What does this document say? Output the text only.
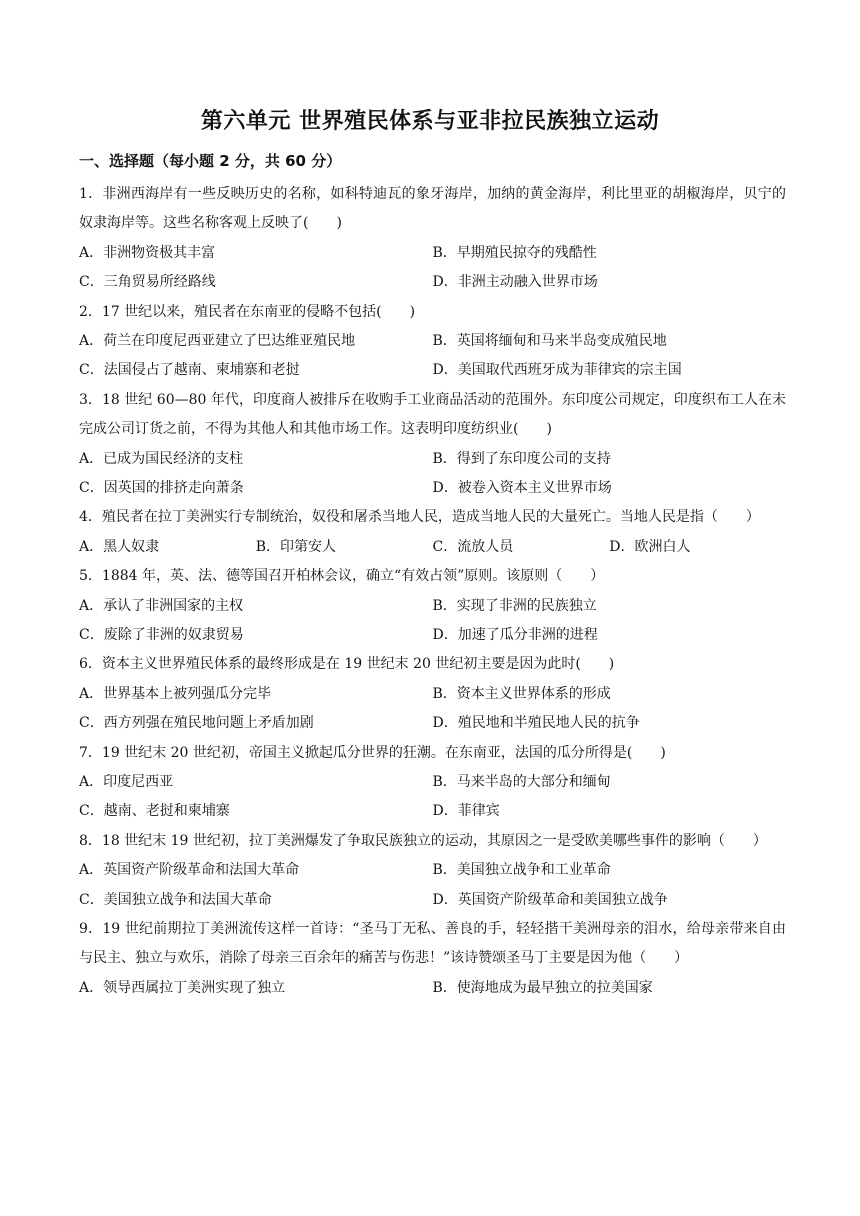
第六单元 世界殖民体系与亚非拉民族独立运动
一、选择题（每小题 2 分，共 60 分）

1．非洲西海岸有一些反映历史的名称，如科特迪瓦的象牙海岸，加纳的黄金海岸，利比里亚的胡椒海岸，贝宁的奴隶海岸等。这些名称客观上反映了(　　)

A．非洲物资极其丰富	B．早期殖民掠夺的残酷性
C．三角贸易所经路线	D．非洲主动融入世界市场

2．17 世纪以来，殖民者在东南亚的侵略不包括(　　)

A．荷兰在印度尼西亚建立了巴达维亚殖民地	B．英国将缅甸和马来半岛变成殖民地
C．法国侵占了越南、柬埔寨和老挝	D．美国取代西班牙成为菲律宾的宗主国

3．18 世纪 60—80 年代，印度商人被排斥在收购手工业商品活动的范围外。东印度公司规定，印度织布工人在未完成公司订货之前，不得为其他人和其他市场工作。这表明印度纺织业(　　)

A．已成为国民经济的支柱	B．得到了东印度公司的支持
C．因英国的排挤走向萧条	D．被卷入资本主义世界市场

4．殖民者在拉丁美洲实行专制统治，奴役和屠杀当地人民，造成当地人民的大量死亡。当地人民是指（　　）

A．黑人奴隶	B．印第安人	C．流放人员	D．欧洲白人

5．1884 年，英、法、德等国召开柏林会议，确立“有效占领”原则。该原则（　　）

A．承认了非洲国家的主权	B．实现了非洲的民族独立
C．废除了非洲的奴隶贸易	D．加速了瓜分非洲的进程

6．资本主义世界殖民体系的最终形成是在 19 世纪末 20 世纪初主要是因为此时(　　)

A．世界基本上被列强瓜分完毕	B．资本主义世界体系的形成
C．西方列强在殖民地问题上矛盾加剧	D．殖民地和半殖民地人民的抗争

7．19 世纪末 20 世纪初，帝国主义掀起瓜分世界的狂潮。在东南亚，法国的瓜分所得是(　　)

A．印度尼西亚	B．马来半岛的大部分和缅甸
C．越南、老挝和柬埔寨	D．菲律宾

8．18 世纪末 19 世纪初，拉丁美洲爆发了争取民族独立的运动，其原因之一是受欧美哪些事件的影响（　　）

A．英国资产阶级革命和法国大革命	B．美国独立战争和工业革命
C．美国独立战争和法国大革命	D．英国资产阶级革命和美国独立战争

9．19 世纪前期拉丁美洲流传这样一首诗：“圣马丁无私、善良的手，轻轻揩干美洲母亲的泪水，给母亲带来自由与民主、独立与欢乐，消除了母亲三百余年的痛苦与伤悲！”该诗赞颂圣马丁主要是因为他（　　）

A．领导西属拉丁美洲实现了独立	B．使海地成为最早独立的拉美国家
